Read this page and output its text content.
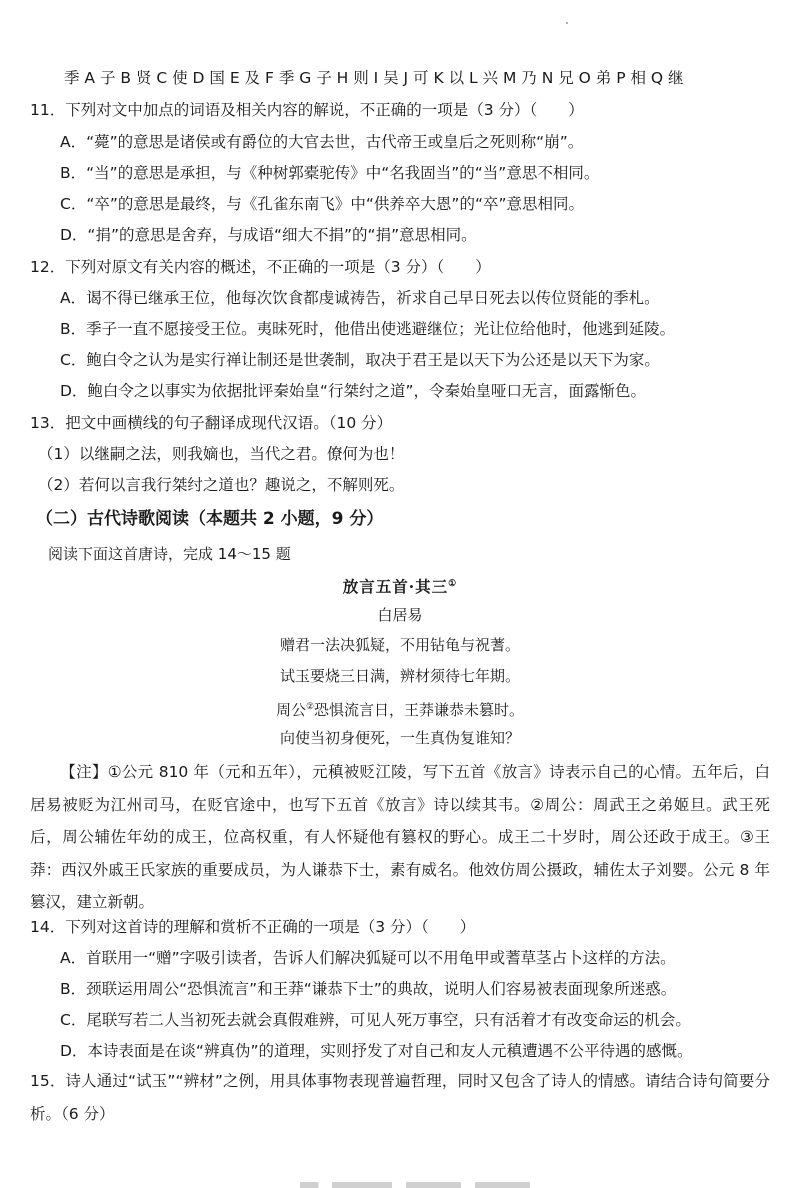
季 A 子 B 贤 C 使 D 国 E 及 F 季 G 子 H 则 I 吴 J 可 K 以 L 兴 M 乃 N 兄 O 弟 P 相 Q 继
11．下列对文中加点的词语及相关内容的解说，不正确的一项是（3 分）（　　）
A．“薨”的意思是诸侯或有爵位的大官去世，古代帝王或皇后之死则称“崩”。
B．“当”的意思是承担，与《种树郭橐驼传》中“名我固当”的“当”意思不相同。
C．“卒”的意思是最终，与《孔雀东南飞》中“供养卒大恩”的“卒”意思相同。
D．“捐”的意思是舍弃，与成语“细大不捐”的“捐”意思相同。
12．下列对原文有关内容的概述，不正确的一项是（3 分）（　　）
A．谒不得已继承王位，他每次饮食都虔诚祷告，祈求自己早日死去以传位贤能的季札。
B．季子一直不愿接受王位。夷昧死时，他借出使逃避继位；光让位给他时，他逃到延陵。
C．鲍白令之认为是实行禅让制还是世袭制，取决于君王是以天下为公还是以天下为家。
D．鲍白令之以事实为依据批评秦始皇“行桀纣之道”，令秦始皇哑口无言，面露惭色。
13．把文中画横线的句子翻译成现代汉语。（10 分）
（1）以继嗣之法，则我嫡也，当代之君。僚何为也！
（2）若何以言我行桀纣之道也？趣说之，不解则死。
（二）古代诗歌阅读（本题共 2 小题，9 分）
阅读下面这首唐诗，完成 14～15 题
放言五首·其三①
白居易
赠君一法决狐疑，不用钻龟与祝蓍。
试玉要烧三日满，辨材须待七年期。
周公②恐惧流言日，王莽谦恭未篡时。
向使当初身便死，一生真伪复谁知？
【注】①公元 810 年（元和五年），元稹被贬江陵，写下五首《放言》诗表示自己的心情。五年后，白居易被贬为江州司马，在贬官途中，也写下五首《放言》诗以续其韦。②周公：周武王之弟姬旦。武王死后，周公辅佐年幼的成王，位高权重，有人怀疑他有篡权的野心。成王二十岁时，周公还政于成王。③王莽：西汉外戚王氏家族的重要成员，为人谦恭下士，素有威名。他效仿周公摄政，辅佐太子刘婴。公元 8 年篡汉，建立新朝。
14．下列对这首诗的理解和赏析不正确的一项是（3 分）（　　）
A．首联用一“赠”字吸引读者，告诉人们解决狐疑可以不用龟甲或蓍草茎占卜这样的方法。
B．颈联运用周公“恐惧流言”和王莽“谦恭下士”的典故，说明人们容易被表面现象所迷惑。
C．尾联写若二人当初死去就会真假难辨，可见人死万事空，只有活着才有改变命运的机会。
D．本诗表面是在谈“辨真伪”的道理，实则抒发了对自己和友人元稹遭遇不公平待遇的感慨。
15．诗人通过“试玉”“辨材”之例，用具体事物表现普遍哲理，同时又包含了诗人的情感。请结合诗句简要分析。（6 分）
